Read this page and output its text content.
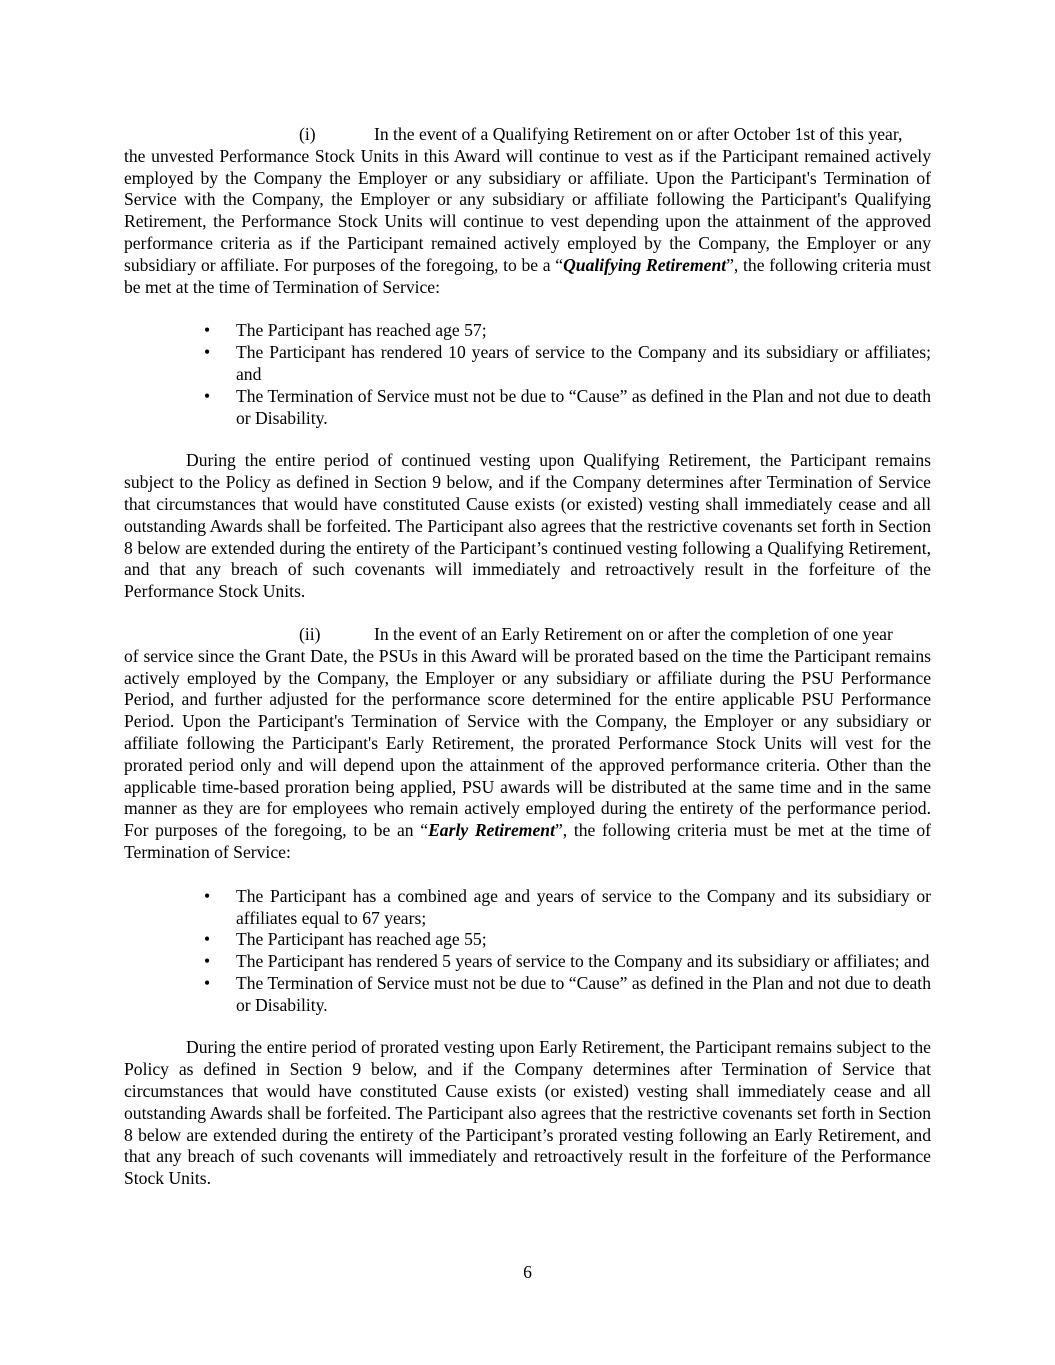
(i)	In the event of a Qualifying Retirement on or after October 1st of this year,
the unvested Performance Stock Units in this Award will continue to vest as if the Participant remained actively employed by the Company the Employer or any subsidiary or affiliate. Upon the Participant's Termination of Service with the Company, the Employer or any subsidiary or affiliate following the Participant's Qualifying Retirement, the Performance Stock Units will continue to vest depending upon the attainment of the approved performance criteria as if the Participant remained actively employed by the Company, the Employer or any subsidiary or affiliate. For purposes of the foregoing, to be a “Qualifying Retirement”, the following criteria must be met at the time of Termination of Service:

• The Participant has reached age 57;
• The Participant has rendered 10 years of service to the Company and its subsidiary or affiliates; and
• The Termination of Service must not be due to “Cause” as defined in the Plan and not due to death or Disability.

During the entire period of continued vesting upon Qualifying Retirement, the Participant remains subject to the Policy as defined in Section 9 below, and if the Company determines after Termination of Service that circumstances that would have constituted Cause exists (or existed) vesting shall immediately cease and all outstanding Awards shall be forfeited. The Participant also agrees that the restrictive covenants set forth in Section 8 below are extended during the entirety of the Participant’s continued vesting following a Qualifying Retirement, and that any breach of such covenants will immediately and retroactively result in the forfeiture of the Performance Stock Units.

(ii)	In the event of an Early Retirement on or after the completion of one year
of service since the Grant Date, the PSUs in this Award will be prorated based on the time the Participant remains actively employed by the Company, the Employer or any subsidiary or affiliate during the PSU Performance Period, and further adjusted for the performance score determined for the entire applicable PSU Performance Period. Upon the Participant's Termination of Service with the Company, the Employer or any subsidiary or affiliate following the Participant's Early Retirement, the prorated Performance Stock Units will vest for the prorated period only and will depend upon the attainment of the approved performance criteria. Other than the applicable time-based proration being applied, PSU awards will be distributed at the same time and in the same manner as they are for employees who remain actively employed during the entirety of the performance period. For purposes of the foregoing, to be an “Early Retirement”, the following criteria must be met at the time of Termination of Service:

• The Participant has a combined age and years of service to the Company and its subsidiary or affiliates equal to 67 years;
• The Participant has reached age 55;
• The Participant has rendered 5 years of service to the Company and its subsidiary or affiliates; and
• The Termination of Service must not be due to “Cause” as defined in the Plan and not due to death or Disability.

During the entire period of prorated vesting upon Early Retirement, the Participant remains subject to the Policy as defined in Section 9 below, and if the Company determines after Termination of Service that circumstances that would have constituted Cause exists (or existed) vesting shall immediately cease and all outstanding Awards shall be forfeited. The Participant also agrees that the restrictive covenants set forth in Section 8 below are extended during the entirety of the Participant’s prorated vesting following an Early Retirement, and that any breach of such covenants will immediately and retroactively result in the forfeiture of the Performance Stock Units.

6
